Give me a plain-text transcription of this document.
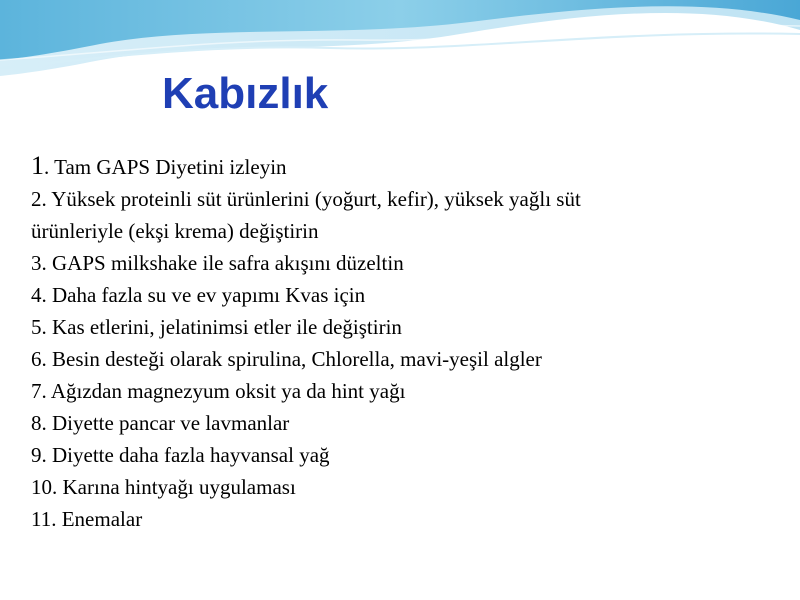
Kabızlık
1. Tam GAPS Diyetini izleyin
2. Yüksek proteinli süt ürünlerini (yoğurt, kefir), yüksek yağlı süt
ürünleriyle (ekşi krema) değiştirin
3. GAPS milkshake ile safra akışını düzeltin
4. Daha fazla su ve ev yapımı Kvas için
5. Kas etlerini, jelatinimsi etler ile değiştirin
6. Besin desteği olarak spirulina, Chlorella, mavi-yeşil algler
7. Ağızdan magnezyum oksit ya da hint yağı
8. Diyette pancar ve lavmanlar
9. Diyette daha fazla hayvansal yağ
10. Karına hintyağı uygulaması
11. Enemalar
